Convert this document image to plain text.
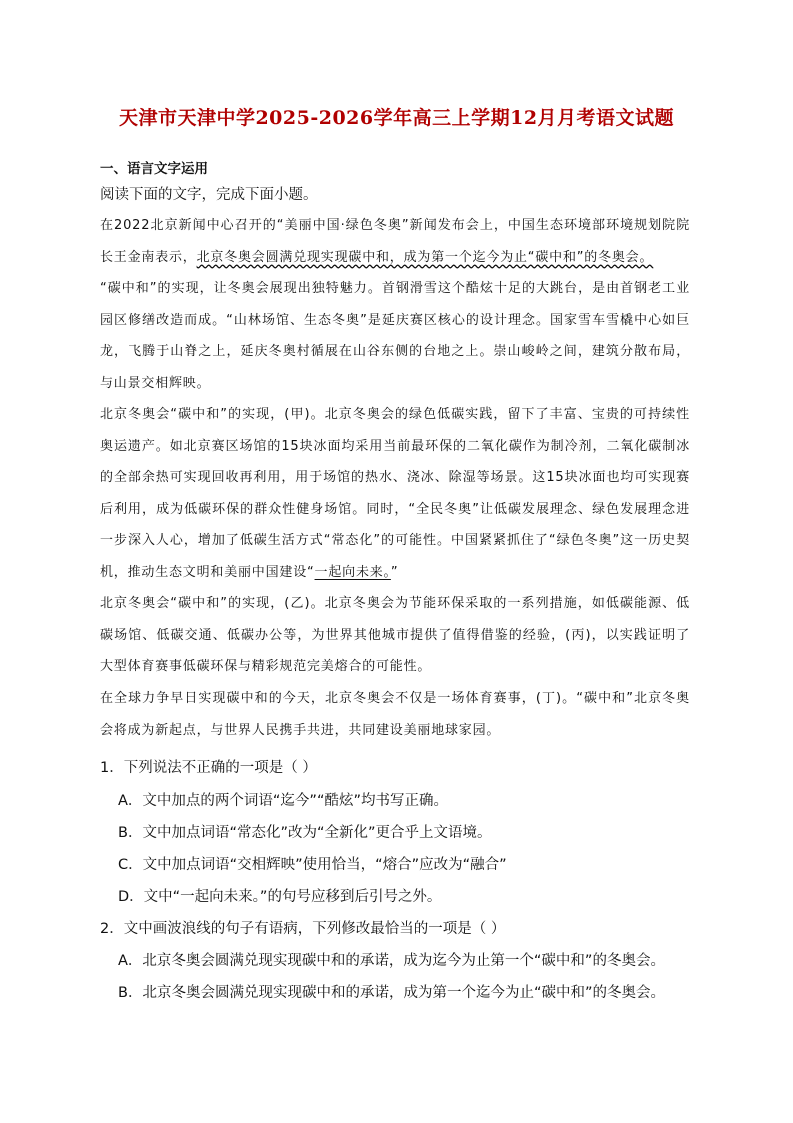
天津市天津中学2025-2026学年高三上学期12月月考语文试题
一、语言文字运用
阅读下面的文字，完成下面小题。
在2022北京新闻中心召开的“美丽中国·绿色冬奥”新闻发布会上，中国生态环境部环境规划院院长王金南表示，北京冬奥会圆满兑现实现碳中和，成为第一个迄今为止“碳中和”的冬奥会。
“碳中和”的实现，让冬奥会展现出独特魅力。首钢滑雪这个酷炫十足的大跳台，是由首钢老工业园区修缮改造而成。“山林场馆、生态冬奥”是延庆赛区核心的设计理念。国家雪车雪橇中心如巨龙，飞腾于山脊之上，延庆冬奥村循展在山谷东侧的台地之上。崇山峻岭之间，建筑分散布局，与山景交相辉映。
北京冬奥会“碳中和”的实现，(甲)。北京冬奥会的绿色低碳实践，留下了丰富、宝贵的可持续性奥运遗产。如北京赛区场馆的15块冰面均采用当前最环保的二氧化碳作为制冷剂，二氧化碳制冰的全部余热可实现回收再利用，用于场馆的热水、浇冰、除湿等场景。这15块冰面也均可实现赛后利用，成为低碳环保的群众性健身场馆。同时，“全民冬奥”让低碳发展理念、绿色发展理念进一步深入人心，增加了低碳生活方式“常态化”的可能性。中国紧紧抓住了“绿色冬奥”这一历史契机，推动生态文明和美丽中国建设“一起向未来。”
北京冬奥会“碳中和”的实现，(乙)。北京冬奥会为节能环保采取的一系列措施，如低碳能源、低碳场馆、低碳交通、低碳办公等，为世界其他城市提供了值得借鉴的经验，(丙)，以实践证明了大型体育赛事低碳环保与精彩规范完美熔合的可能性。
在全球力争早日实现碳中和的今天，北京冬奥会不仅是一场体育赛事，(丁)。“碳中和”北京冬奥会将成为新起点，与世界人民携手共进，共同建设美丽地球家园。
1．下列说法不正确的一项是（ ）
A．文中加点的两个词语“迄今”“酷炫”均书写正确。
B．文中加点词语“常态化”改为“全新化”更合乎上文语境。
C．文中加点词语“交相辉映”使用恰当，“熔合”应改为“融合”
D．文中“一起向未来。”的句号应移到后引号之外。
2．文中画波浪线的句子有语病，下列修改最恰当的一项是（ ）
A．北京冬奥会圆满兑现实现碳中和的承诺，成为迄今为止第一个“碳中和”的冬奥会。
B．北京冬奥会圆满兑现实现碳中和的承诺，成为第一个迄今为止“碳中和”的冬奥会。
